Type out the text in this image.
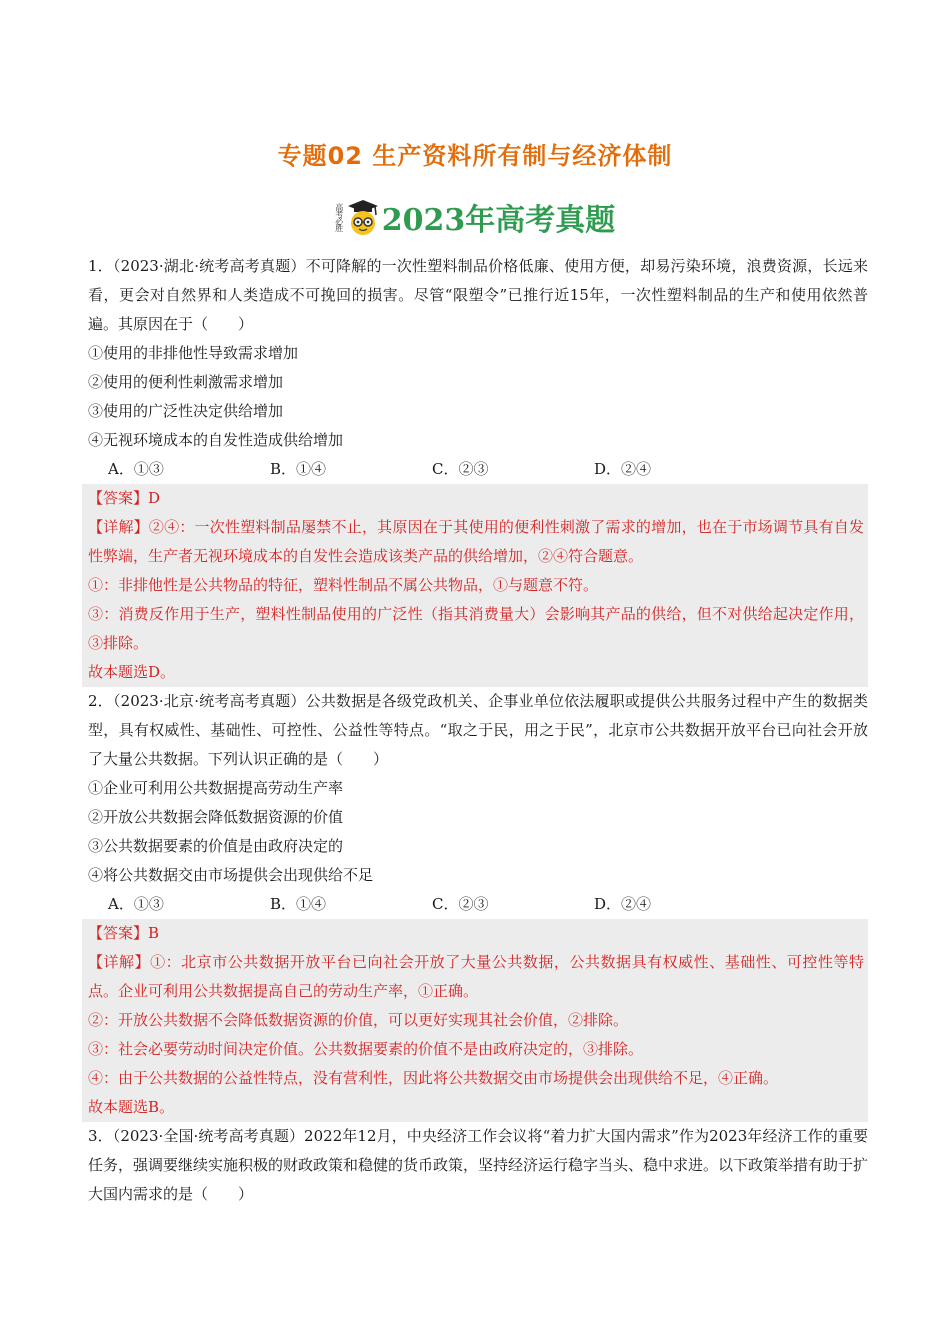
专题02 生产资料所有制与经济体制
高考必胜 2023年高考真题
1．（2023·湖北·统考高考真题）不可降解的一次性塑料制品价格低廉、使用方便，却易污染环境，浪费资源，长远来看，更会对自然界和人类造成不可挽回的损害。尽管“限塑令”已推行近15年，一次性塑料制品的生产和使用依然普遍。其原因在于（　　）
①使用的非排他性导致需求增加
②使用的便利性刺激需求增加
③使用的广泛性决定供给增加
④无视环境成本的自发性造成供给增加
A．①③	B．①④	C．②③	D．②④
【答案】D
【详解】②④：一次性塑料制品屡禁不止，其原因在于其使用的便利性刺激了需求的增加，也在于市场调节具有自发性弊端，生产者无视环境成本的自发性会造成该类产品的供给增加，②④符合题意。
①：非排他性是公共物品的特征，塑料性制品不属公共物品，①与题意不符。
③：消费反作用于生产，塑料性制品使用的广泛性（指其消费量大）会影响其产品的供给，但不对供给起决定作用，③排除。
故本题选D。
2．（2023·北京·统考高考真题）公共数据是各级党政机关、企事业单位依法履职或提供公共服务过程中产生的数据类型，具有权威性、基础性、可控性、公益性等特点。“取之于民，用之于民”，北京市公共数据开放平台已向社会开放了大量公共数据。下列认识正确的是（　　）
①企业可利用公共数据提高劳动生产率
②开放公共数据会降低数据资源的价值
③公共数据要素的价值是由政府决定的
④将公共数据交由市场提供会出现供给不足
A．①③	B．①④	C．②③	D．②④
【答案】B
【详解】①：北京市公共数据开放平台已向社会开放了大量公共数据，公共数据具有权威性、基础性、可控性等特点。企业可利用公共数据提高自己的劳动生产率，①正确。
②：开放公共数据不会降低数据资源的价值，可以更好实现其社会价值，②排除。
③：社会必要劳动时间决定价值。公共数据要素的价值不是由政府决定的，③排除。
④：由于公共数据的公益性特点，没有营利性，因此将公共数据交由市场提供会出现供给不足，④正确。
故本题选B。
3．（2023·全国·统考高考真题）2022年12月，中央经济工作会议将“着力扩大国内需求”作为2023年经济工作的重要任务，强调要继续实施积极的财政政策和稳健的货币政策，坚持经济运行稳字当头、稳中求进。以下政策举措有助于扩大国内需求的是（　　）
